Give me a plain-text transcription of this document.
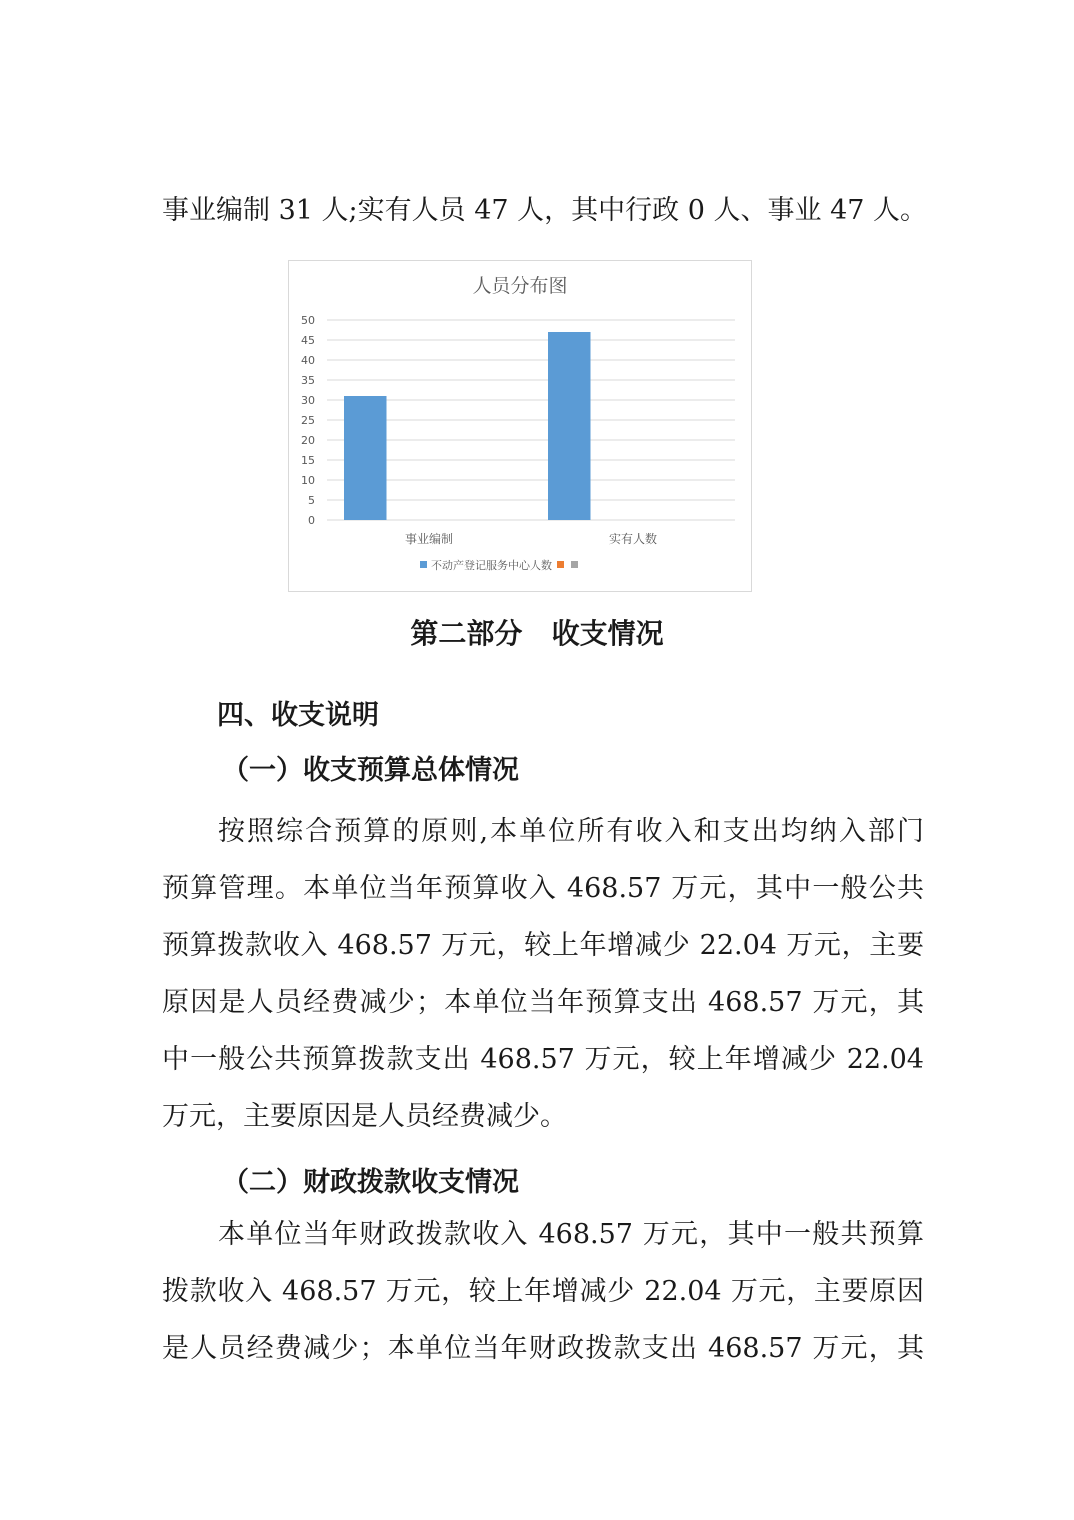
事业编制 31 人;实有人员 47 人，其中行政 0 人、事业 47 人。

人员分布图
0
5
10
15
20
25
30
35
40
45
50
事业编制	实有人数
不动产登记服务中心人数

第二部分   收支情况

四、收支说明

（一）收支预算总体情况

按照综合预算的原则,本单位所有收入和支出均纳入部门

预算管理。本单位当年预算收入 468.57 万元，其中一般公共

预算拨款收入 468.57 万元，较上年增减少 22.04 万元，主要

原因是人员经费减少；本单位当年预算支出 468.57 万元，其

中一般公共预算拨款支出 468.57 万元，较上年增减少 22.04

万元，主要原因是人员经费减少。

（二）财政拨款收支情况

本单位当年财政拨款收入 468.57 万元，其中一般共预算

拨款收入 468.57 万元，较上年增减少 22.04 万元，主要原因

是人员经费减少；本单位当年财政拨款支出 468.57 万元，其
